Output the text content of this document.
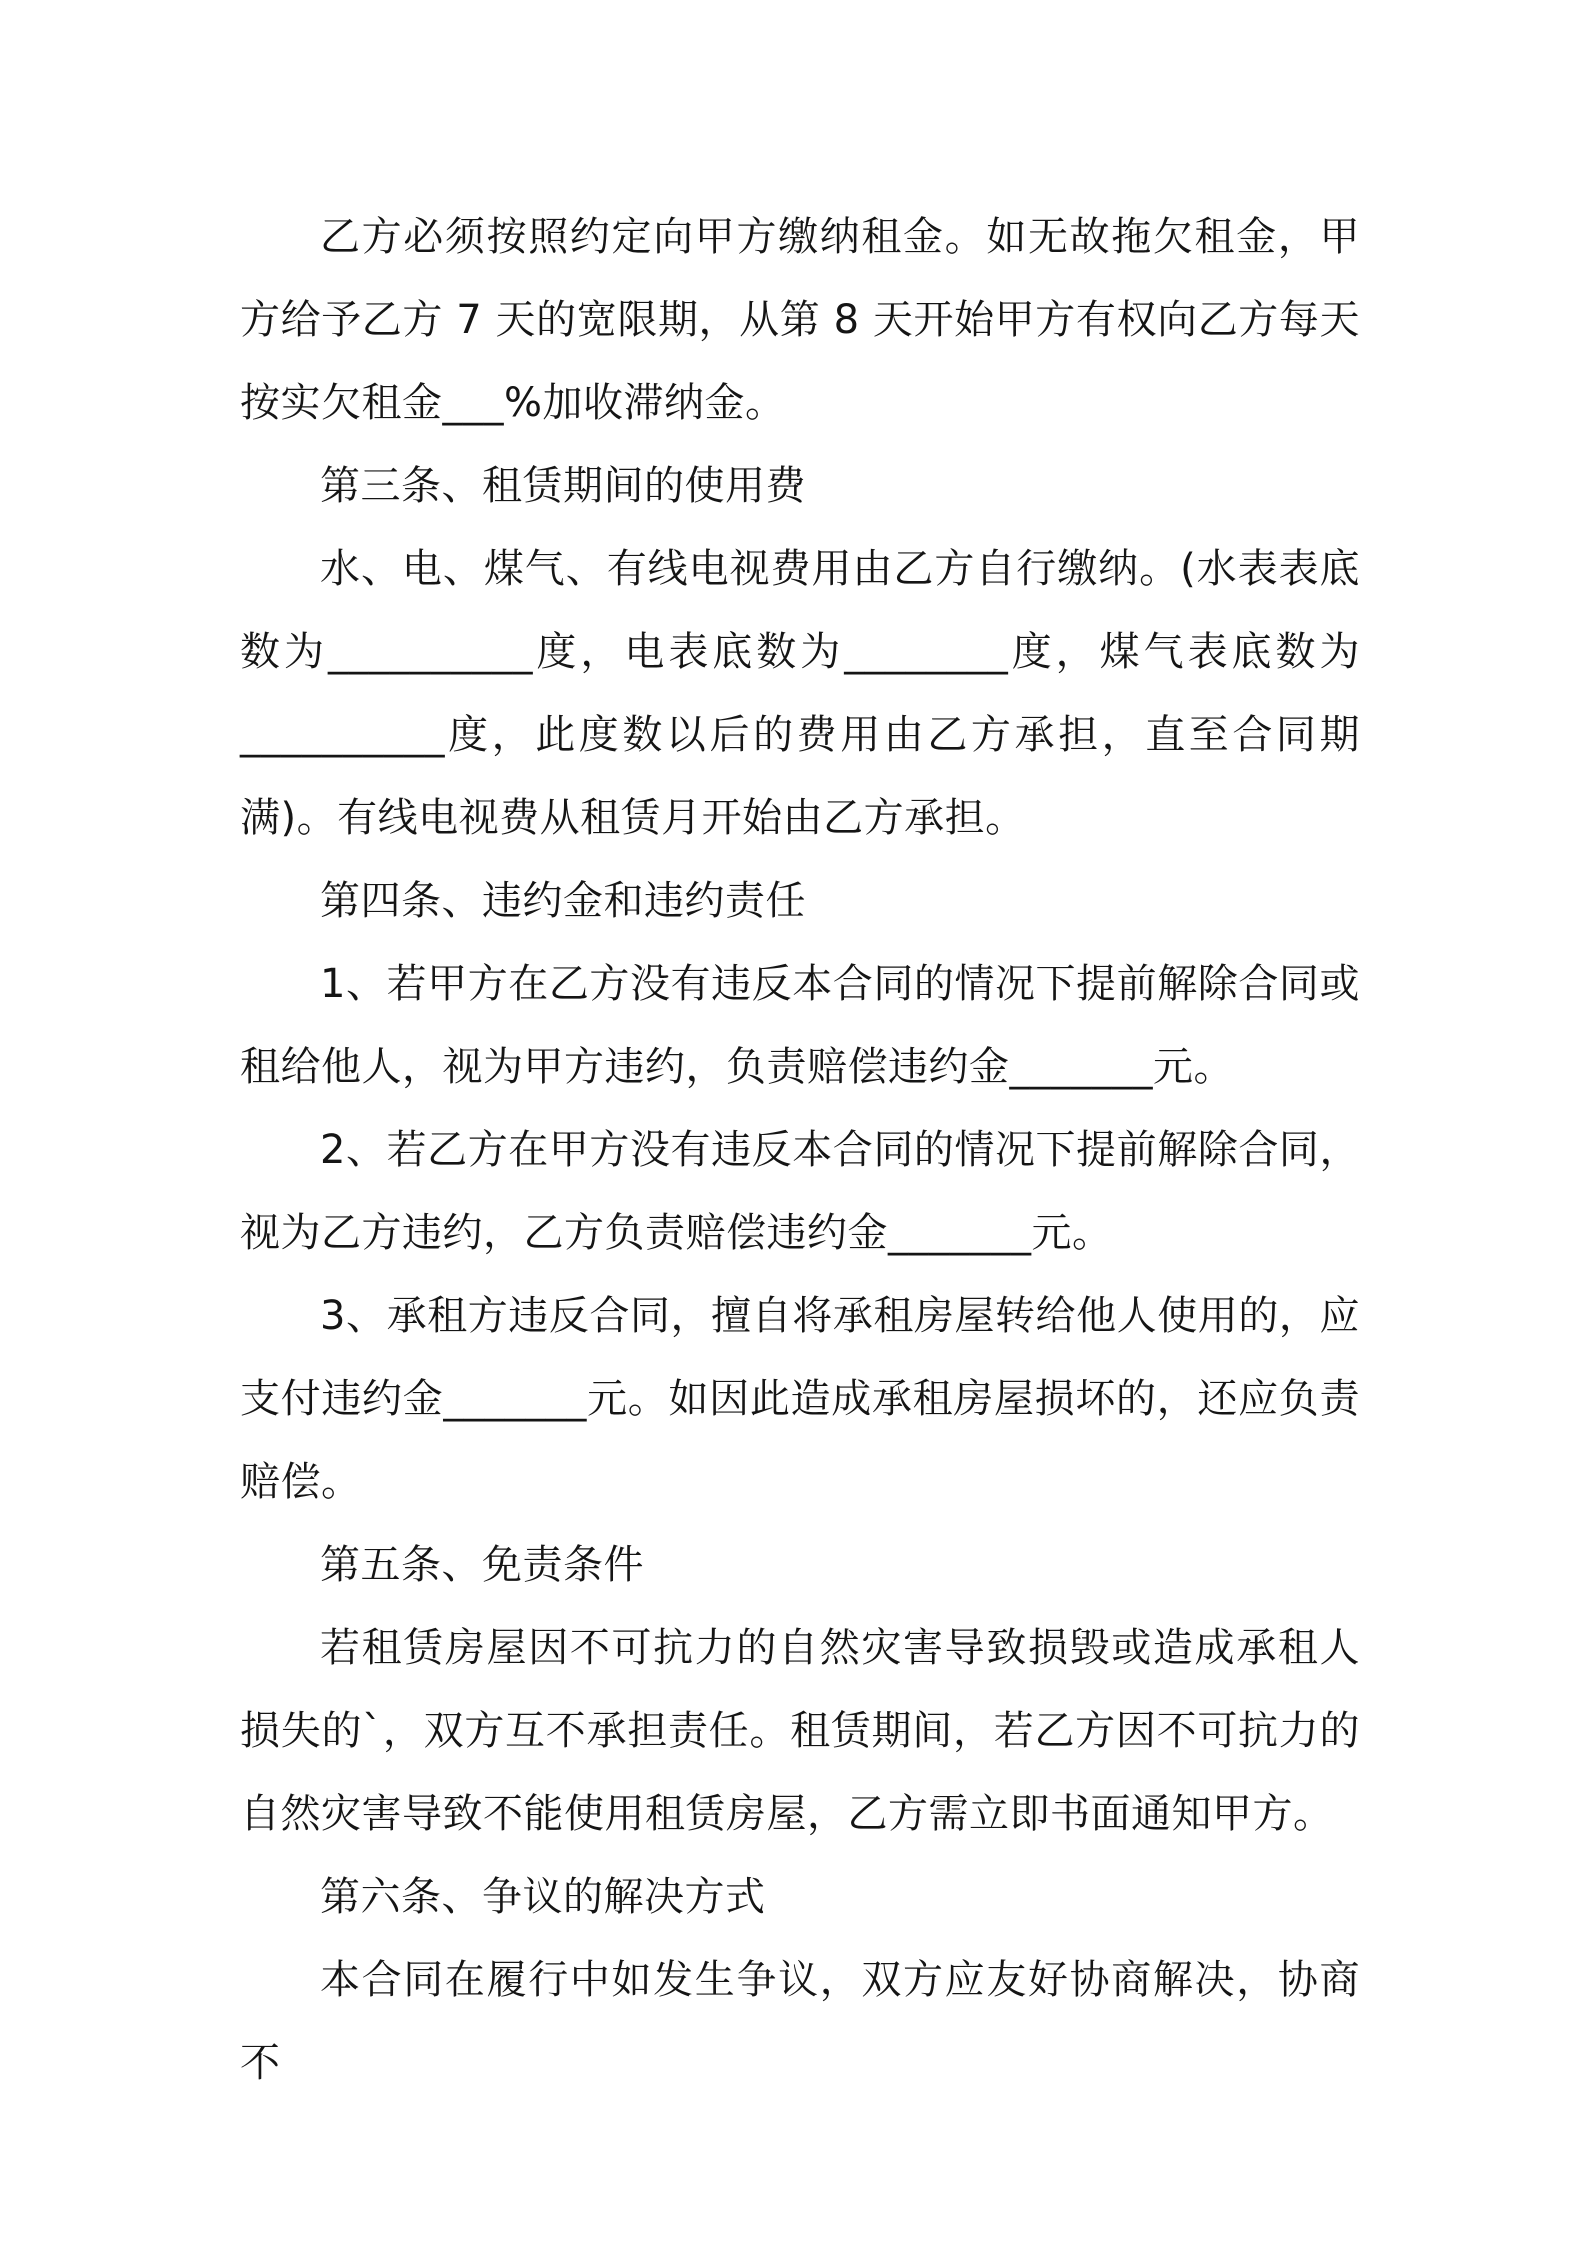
乙方必须按照约定向甲方缴纳租金。如无故拖欠租金，甲方给予乙方 7 天的宽限期，从第 8 天开始甲方有权向乙方每天按实欠租金___%加收滞纳金。

第三条、租赁期间的使用费

水、电、煤气、有线电视费用由乙方自行缴纳。(水表表底数为__________度，电表底数为________度，煤气表底数为__________度，此度数以后的费用由乙方承担，直至合同期满)。有线电视费从租赁月开始由乙方承担。

第四条、违约金和违约责任

1、若甲方在乙方没有违反本合同的情况下提前解除合同或租给他人，视为甲方违约，负责赔偿违约金_______元。

2、若乙方在甲方没有违反本合同的情况下提前解除合同，视为乙方违约，乙方负责赔偿违约金_______元。

3、承租方违反合同，擅自将承租房屋转给他人使用的，应支付违约金_______元。如因此造成承租房屋损坏的，还应负责赔偿。

第五条、免责条件

若租赁房屋因不可抗力的自然灾害导致损毁或造成承租人损失的`，双方互不承担责任。租赁期间，若乙方因不可抗力的自然灾害导致不能使用租赁房屋，乙方需立即书面通知甲方。

第六条、争议的解决方式

本合同在履行中如发生争议，双方应友好协商解决，协商不
